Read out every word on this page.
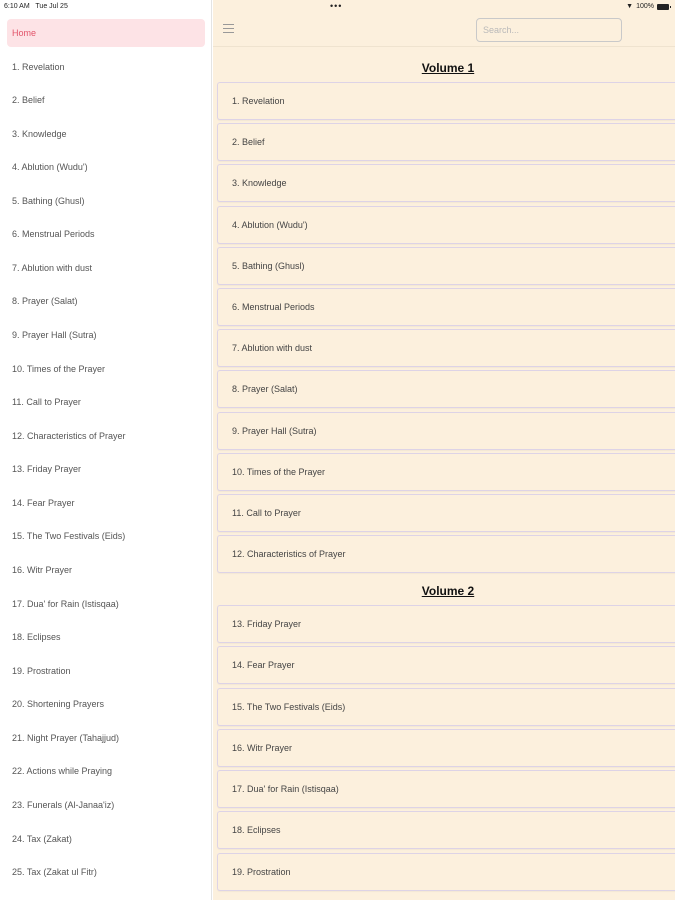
Home
1. Revelation
2. Belief
3. Knowledge
4. Ablution (Wudu')
5. Bathing (Ghusl)
6. Menstrual Periods
7. Ablution with dust
8. Prayer (Salat)
9. Prayer Hall (Sutra)
10. Times of the Prayer
11. Call to Prayer
12. Characteristics of Prayer
13. Friday Prayer
14. Fear Prayer
15. The Two Festivals (Eids)
16. Witr Prayer
17. Dua' for Rain (Istisqaa)
18. Eclipses
19. Prostration
20. Shortening Prayers
21. Night Prayer (Tahajjud)
22. Actions while Praying
23. Funerals (Al-Janaa'iz)
24. Tax (Zakat)
25. Tax (Zakat ul Fitr)
Search...
Volume 1
1. Revelation
2. Belief
3. Knowledge
4. Ablution (Wudu')
5. Bathing (Ghusl)
6. Menstrual Periods
7. Ablution with dust
8. Prayer (Salat)
9. Prayer Hall (Sutra)
10. Times of the Prayer
11. Call to Prayer
12. Characteristics of Prayer
Volume 2
13. Friday Prayer
14. Fear Prayer
15. The Two Festivals (Eids)
16. Witr Prayer
17. Dua' for Rain (Istisqaa)
18. Eclipses
19. Prostration
6:10 AM Tue Jul 25	•••	▼ 100%
